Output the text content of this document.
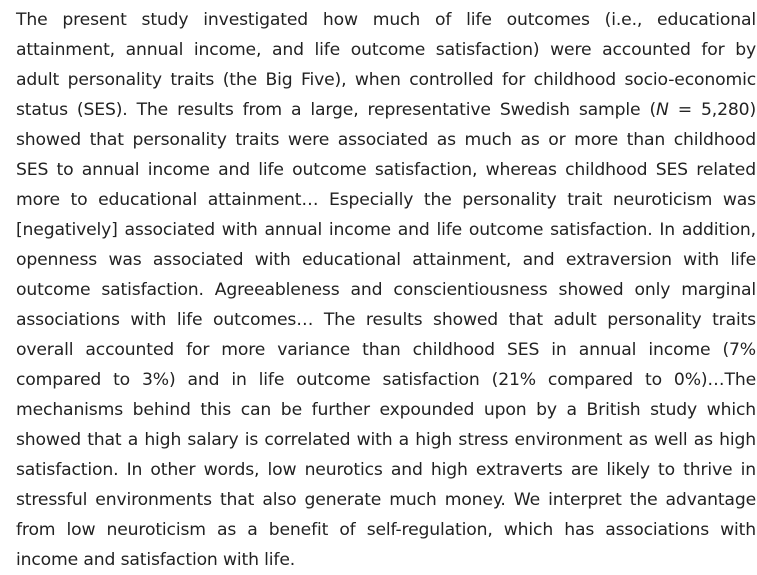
The present study investigated how much of life outcomes (i.e., educational
attainment, annual income, and life outcome satisfaction) were accounted for by
adult personality traits (the Big Five), when controlled for childhood socio-economic
status (SES). The results from a large, representative Swedish sample (N = 5,280)
showed that personality traits were associated as much as or more than childhood
SES to annual income and life outcome satisfaction, whereas childhood SES related
more to educational attainment… Especially the personality trait neuroticism was
[negatively] associated with annual income and life outcome satisfaction. In addition,
openness was associated with educational attainment, and extraversion with life
outcome satisfaction. Agreeableness and conscientiousness showed only marginal
associations with life outcomes… The results showed that adult personality traits
overall accounted for more variance than childhood SES in annual income (7%
compared to 3%) and in life outcome satisfaction (21% compared to 0%)…The
mechanisms behind this can be further expounded upon by a British study which
showed that a high salary is correlated with a high stress environment as well as high
satisfaction. In other words, low neurotics and high extraverts are likely to thrive in
stressful environments that also generate much money. We interpret the advantage
from low neuroticism as a benefit of self-regulation, which has associations with
income and satisfaction with life.
